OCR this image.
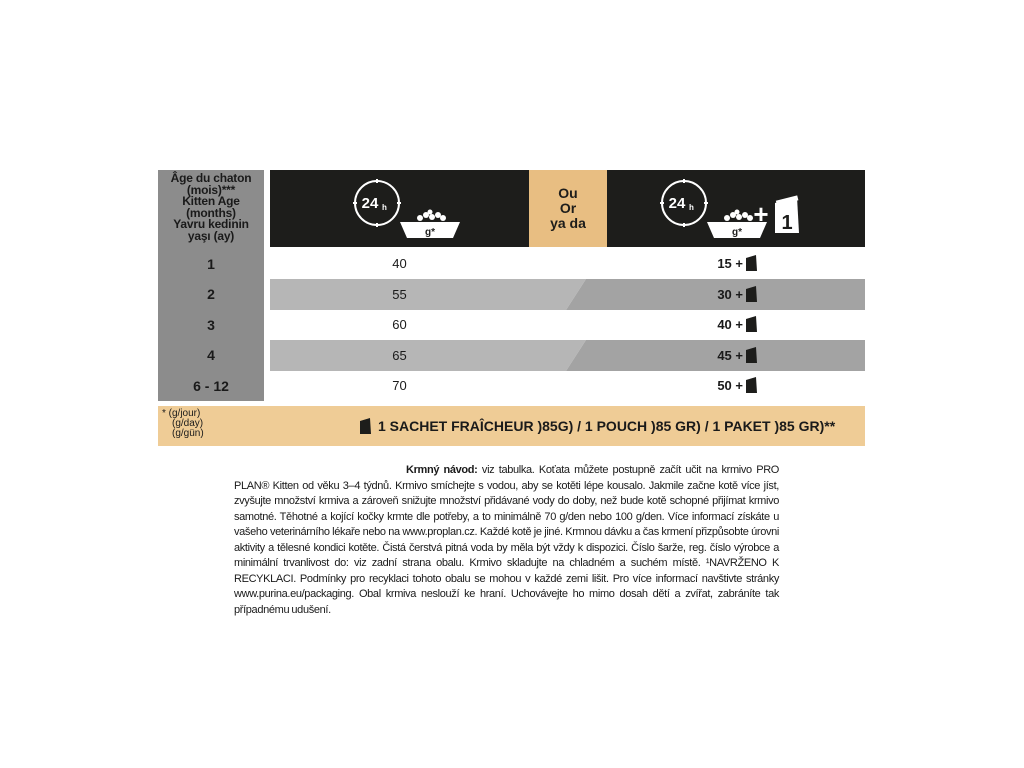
Âge du chaton
(mois)***
Kitten Age
(months)
Yavru kedinin
yaşı (ay)
1
2
3
4
6 - 12
24 h
g*
Ou
Or
ya da
24 h
g*
+ 1
40
55
60
65
70
15 +
30 +
40 +
45 +
50 +
* (g/jour)
(g/day)
(g/gün)	1 SACHET FRAÎCHEUR )85G) / 1 POUCH )85 GR) / 1 PAKET )85 GR)**
Krmný návod: viz tabulka. Koťata můžete postupně začít učit na krmivo PRO PLAN® Kitten od věku 3–4 týdnů. Krmivo smíchejte s vodou, aby se kotěti lépe kousalo. Jakmile začne kotě více jíst, zvyšujte množství krmiva a zároveň snižujte množství přidávané vody do doby, než bude kotě schopné přijímat krmivo samotné. Těhotné a kojící kočky krmte dle potřeby, a to minimálně 70 g/den nebo 100 g/den. Více informací získáte u vašeho veterinárního lékaře nebo na www.proplan.cz. Každé kotě je jiné. Krmnou dávku a čas krmení přizpůsobte úrovni aktivity a tělesné kondici kotěte. Čistá čerstvá pitná voda by měla být vždy k dispozici. Číslo šarže, reg. číslo výrobce a minimální trvanlivost do: viz zadní strana obalu. Krmivo skladujte na chladném a suchém místě. ¹NAVRŽENO K RECYKLACI. Podmínky pro recyklaci tohoto obalu se mohou v každé zemi lišit. Pro více informací navštivte stránky www.purina.eu/packaging. Obal krmiva neslouží ke hraní. Uchovávejte ho mimo dosah dětí a zvířat, zabráníte tak případnému udušení.
